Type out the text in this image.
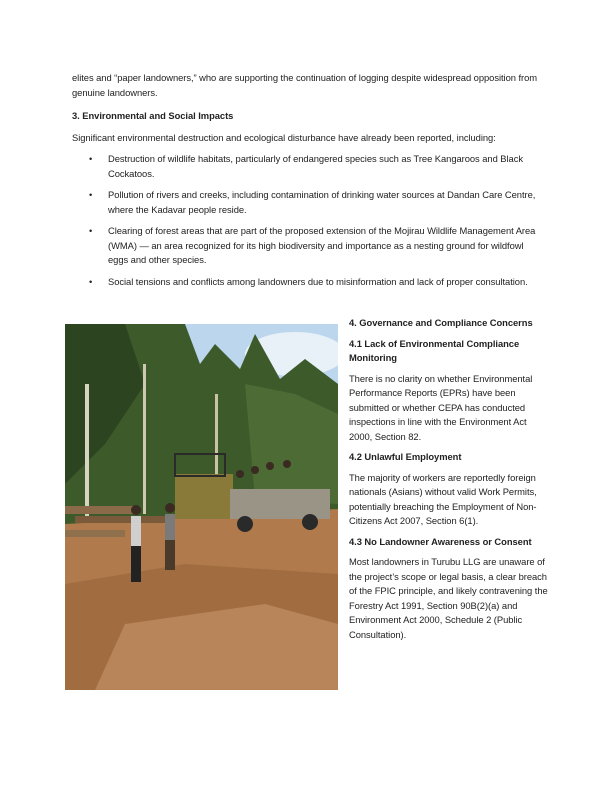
elites and “paper landowners,” who are supporting the continuation of logging despite widespread opposition from genuine landowners.

3. Environmental and Social Impacts

Significant environmental destruction and ecological disturbance have already been reported, including:

• Destruction of wildlife habitats, particularly of endangered species such as Tree Kangaroos and Black Cockatoos.
• Pollution of rivers and creeks, including contamination of drinking water sources at Dandan Care Centre, where the Kadavar people reside.
• Clearing of forest areas that are part of the proposed extension of the Mojirau Wildlife Management Area (WMA) — an area recognized for its high biodiversity and importance as a nesting ground for wildfowl eggs and other species.
• Social tensions and conflicts among landowners due to misinformation and lack of proper consultation.

4. Governance and Compliance Concerns

4.1 Lack of Environmental Compliance Monitoring

There is no clarity on whether Environmental Performance Reports (EPRs) have been submitted or whether CEPA has conducted inspections in line with the Environment Act 2000, Section 82.

4.2 Unlawful Employment

The majority of workers are reportedly foreign nationals (Asians) without valid Work Permits, potentially breaching the Employment of Non-Citizens Act 2007, Section 6(1).

4.3 No Landowner Awareness or Consent

Most landowners in Turubu LLG are unaware of the project’s scope or legal basis, a clear breach of the FPIC principle, and likely contravening the Forestry Act 1991, Section 90B(2)(a) and Environment Act 2000, Schedule 2 (Public Consultation).
